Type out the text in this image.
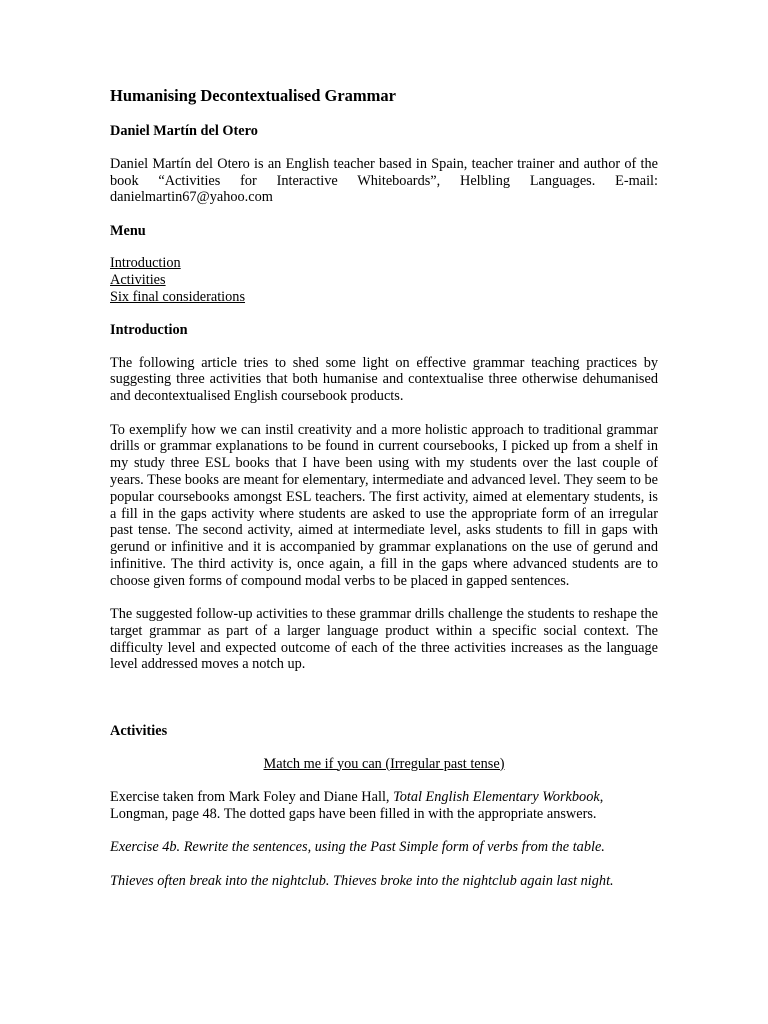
Humanising Decontextualised Grammar
Daniel Martín del Otero

Daniel Martín del Otero is an English teacher based in Spain, teacher trainer and author of the book “Activities for Interactive Whiteboards”, Helbling Languages. E-mail: danielmartin67@yahoo.com

Menu
Introduction
Activities
Six final considerations
Introduction

The following article tries to shed some light on effective grammar teaching practices by suggesting three activities that both humanise and contextualise three otherwise dehumanised and decontextualised English coursebook products.

To exemplify how we can instil creativity and a more holistic approach to traditional grammar drills or grammar explanations to be found in current coursebooks, I picked up from a shelf in my study three ESL books that I have been using with my students over the last couple of years. These books are meant for elementary, intermediate and advanced level. They seem to be popular coursebooks amongst ESL teachers. The first activity, aimed at elementary students, is a fill in the gaps activity where students are asked to use the appropriate form of an irregular past tense. The second activity, aimed at intermediate level, asks students to fill in gaps with gerund or infinitive and it is accompanied by grammar explanations on the use of gerund and infinitive. The third activity is, once again, a fill in the gaps where advanced students are to choose given forms of compound modal verbs to be placed in gapped sentences.

The suggested follow-up activities to these grammar drills challenge the students to reshape the target grammar as part of a larger language product within a specific social context. The difficulty level and expected outcome of each of the three activities increases as the language level addressed moves a notch up.

Activities
Match me if you can (Irregular past tense)

Exercise taken from Mark Foley and Diane Hall, Total English Elementary Workbook, Longman, page 48. The dotted gaps have been filled in with the appropriate answers.

Exercise 4b. Rewrite the sentences, using the Past Simple form of verbs from the table.

Thieves often break into the nightclub. Thieves broke into the nightclub again last night.
